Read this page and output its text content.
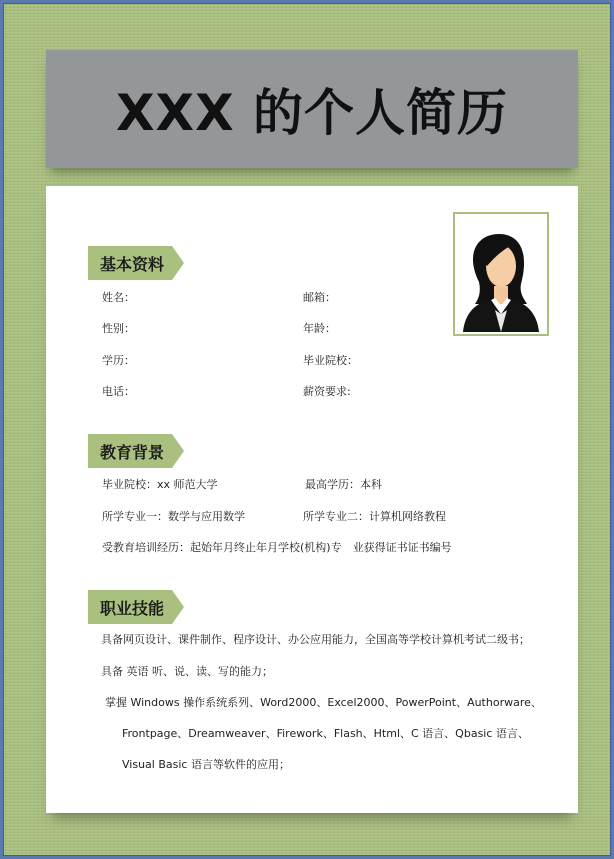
XXX 的个人简历
基本资料
姓名：	邮箱：
性别：	年龄：
学历：	毕业院校：
电话：	薪资要求:
教育背景
毕业院校：xx 师范大学	最高学历：本科
所学专业一：数学与应用数学	所学专业二：计算机网络教程
受教育培训经历：起始年月终止年月学校(机构)专　业获得证书证书编号
职业技能
具备网页设计、课件制作、程序设计、办公应用能力，全国高等学校计算机考试二级书；
具备 英语 听、说、读、写的能力；
掌握 Windows 操作系统系列、Word2000、Excel2000、PowerPoint、Authorware、
Frontpage、Dreamweaver、Firework、Flash、Html、C 语言、Qbasic 语言、
Visual Basic 语言等软件的应用；
